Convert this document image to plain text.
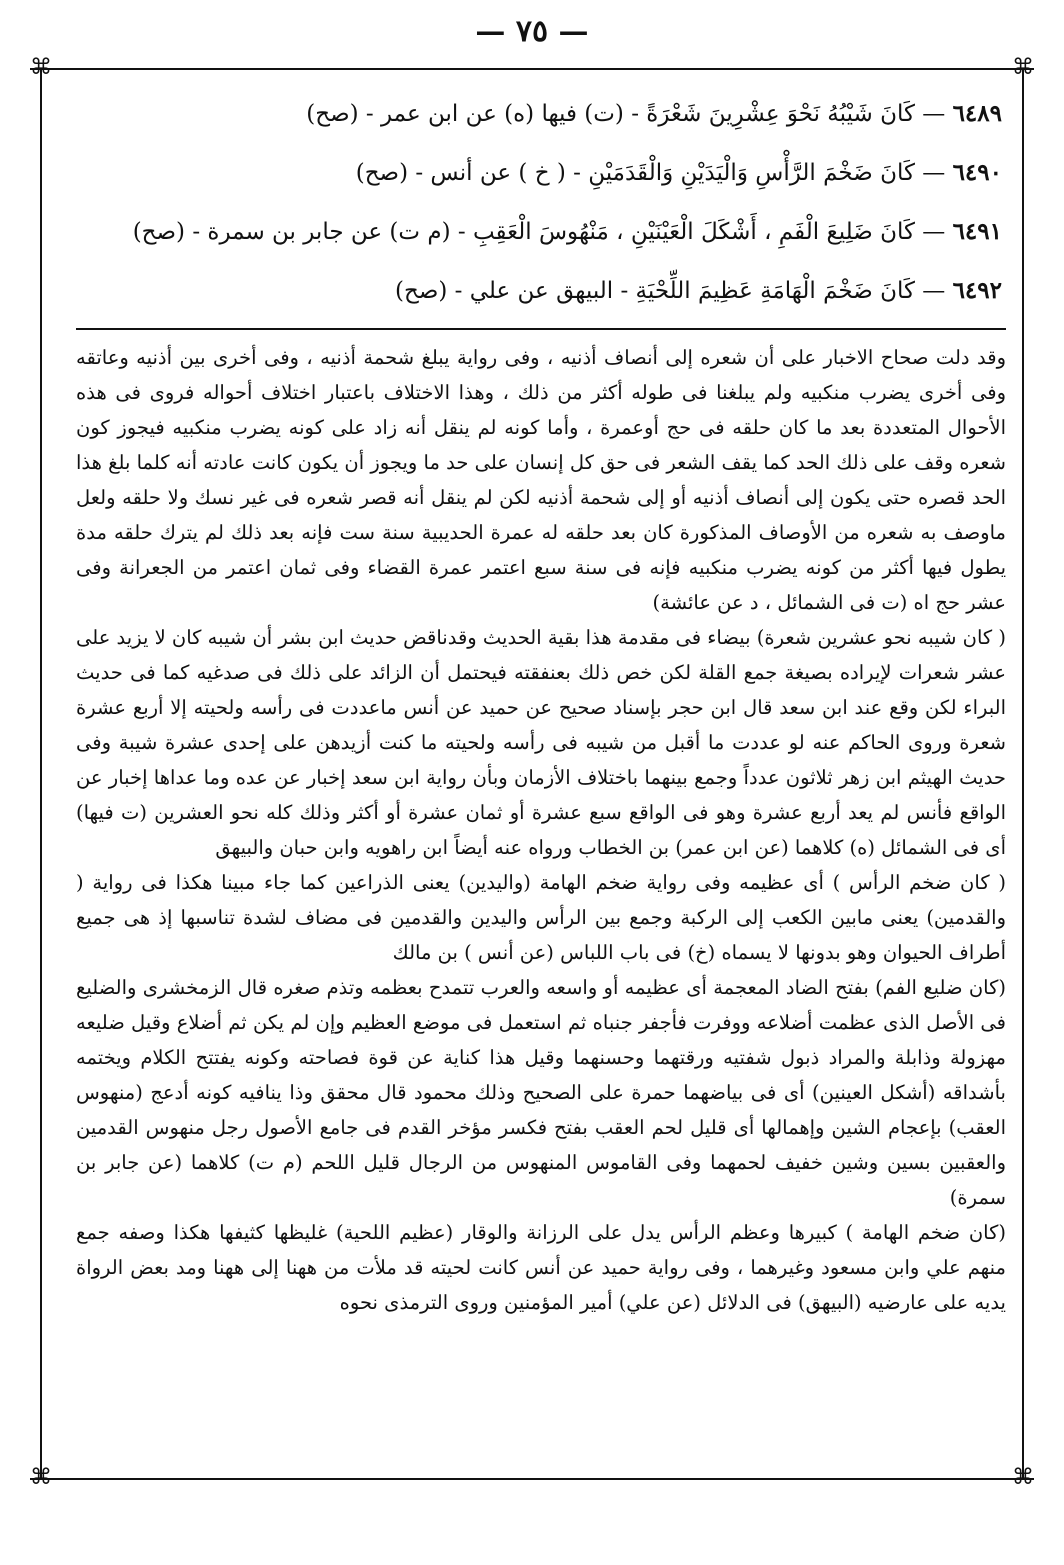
— ٧٥ —
⌘	⌘
⌘	⌘
٦٤٨٩ — كَانَ شَيْبُهُ نَحْوَ عِشْرِينَ شَعْرَةً - (ت) فيها (ه) عن ابن عمر - (صح)
٦٤٩٠ — كَانَ ضَخْمَ الرَّأْسِ وَالْيَدَيْنِ وَالْقَدَمَيْنِ - ( خ ) عن أنس - (صح)
٦٤٩١ — كَانَ ضَلِيعَ الْفَمِ ، أَشْكَلَ الْعَيْنَيْنِ ، مَنْهُوسَ الْعَقِبِ - (م ت) عن جابر بن سمرة - (صح)
٦٤٩٢ — كَانَ ضَخْمَ الْهَامَةِ عَظِيمَ اللِّحْيَةِ - البيهق عن علي - (صح)

وقد دلت صحاح الاخبار على أن شعره إلى أنصاف أذنيه ، وفى رواية يبلغ شحمة أذنيه ، وفى أخرى بين أذنيه وعاتقه وفى أخرى يضرب منكبيه ولم يبلغنا فى طوله أكثر من ذلك ، وهذا الاختلاف باعتبار اختلاف أحواله فروى فى هذه الأحوال المتعددة بعد ما كان حلقه فى حج أوعمرة ، وأما كونه لم ينقل أنه زاد على كونه يضرب منكبيه فيجوز كون شعره وقف على ذلك الحد كما يقف الشعر فى حق كل إنسان على حد ما ويجوز أن يكون كانت عادته أنه كلما بلغ هذا الحد قصره حتى يكون إلى أنصاف أذنيه أو إلى شحمة أذنيه لكن لم ينقل أنه قصر شعره فى غير نسك ولا حلقه ولعل ماوصف به شعره من الأوصاف المذكورة كان بعد حلقه له عمرة الحديبية سنة ست فإنه بعد ذلك لم يترك حلقه مدة يطول فيها أكثر من كونه يضرب منكبيه فإنه فى سنة سبع اعتمر عمرة القضاء وفى ثمان اعتمر من الجعرانة وفى عشر حج اه (ت فى الشمائل ، د عن عائشة)

( كان شيبه نحو عشرين شعرة) بيضاء فى مقدمة هذا بقية الحديث وقدناقض حديث ابن بشر أن شيبه كان لا يزيد على عشر شعرات لإيراده بصيغة جمع القلة لكن خص ذلك بعنفقته فيحتمل أن الزائد على ذلك فى صدغيه كما فى حديث البراء لكن وقع عند ابن سعد قال ابن حجر بإسناد صحيح عن حميد عن أنس ماعددت فى رأسه ولحيته إلا أربع عشرة شعرة وروى الحاكم عنه لو عددت ما أقبل من شيبه فى رأسه ولحيته ما كنت أزيدهن على إحدى عشرة شيبة وفى حديث الهيثم ابن زهر ثلاثون عدداً وجمع بينهما باختلاف الأزمان وبأن رواية ابن سعد إخبار عن عده وما عداها إخبار عن الواقع فأنس لم يعد أربع عشرة وهو فى الواقع سبع عشرة أو ثمان عشرة أو أكثر وذلك كله نحو العشرين (ت فيها) أى فى الشمائل (ه) كلاهما (عن ابن عمر) بن الخطاب ورواه عنه أيضاً ابن راهويه وابن حبان والبيهق

( كان ضخم الرأس ) أى عظيمه وفى رواية ضخم الهامة (واليدين) يعنى الذراعين كما جاء مبينا هكذا فى رواية ( والقدمين) يعنى مابين الكعب إلى الركبة وجمع بين الرأس واليدين والقدمين فى مضاف لشدة تناسبها إذ هى جميع أطراف الحيوان وهو بدونها لا يسماه (خ) فى باب اللباس (عن أنس ) بن مالك

(كان ضليع الفم) بفتح الضاد المعجمة أى عظيمه أو واسعه والعرب تتمدح بعظمه وتذم صغره قال الزمخشرى والضليع فى الأصل الذى عظمت أضلاعه ووفرت فأجفر جنباه ثم استعمل فى موضع العظيم وإن لم يكن ثم أضلاع وقيل ضليعه مهزولة وذابلة والمراد ذبول شفتيه ورقتهما وحسنهما وقيل هذا كناية عن قوة فصاحته وكونه يفتتح الكلام ويختمه بأشداقه (أشكل العينين) أى فى بياضهما حمرة على الصحيح وذلك محمود قال محقق وذا ينافيه كونه أدعج (منهوس العقب) بإعجام الشين وإهمالها أى قليل لحم العقب بفتح فكسر مؤخر القدم فى جامع الأصول رجل منهوس القدمين والعقبين بسين وشين خفيف لحمهما وفى القاموس المنهوس من الرجال قليل اللحم (م ت) كلاهما (عن جابر بن سمرة)

(كان ضخم الهامة ) كبيرها وعظم الرأس يدل على الرزانة والوقار (عظيم اللحية) غليظها كثيفها هكذا وصفه جمع منهم علي وابن مسعود وغيرهما ، وفى رواية حميد عن أنس كانت لحيته قد ملأت من ههنا إلى ههنا ومد بعض الرواة يديه على عارضيه (البيهق) فى الدلائل (عن علي) أمير المؤمنين وروى الترمذى نحوه
